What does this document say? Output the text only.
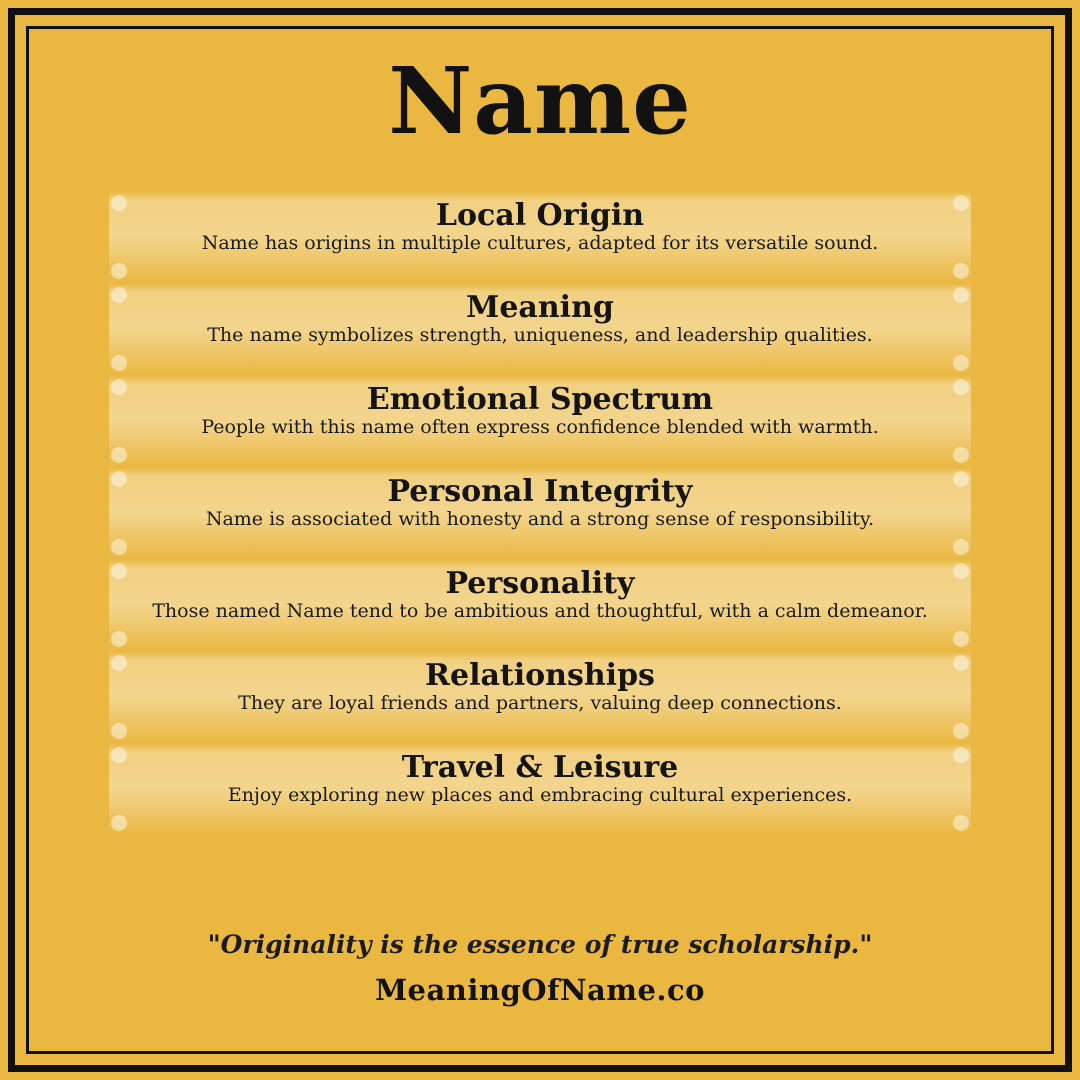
Name
Local Origin
Name has origins in multiple cultures, adapted for its versatile sound.
Meaning
The name symbolizes strength, uniqueness, and leadership qualities.
Emotional Spectrum
People with this name often express confidence blended with warmth.
Personal Integrity
Name is associated with honesty and a strong sense of responsibility.
Personality
Those named Name tend to be ambitious and thoughtful, with a calm demeanor.
Relationships
They are loyal friends and partners, valuing deep connections.
Travel & Leisure
Enjoy exploring new places and embracing cultural experiences.
"Originality is the essence of true scholarship."
MeaningOfName.co
